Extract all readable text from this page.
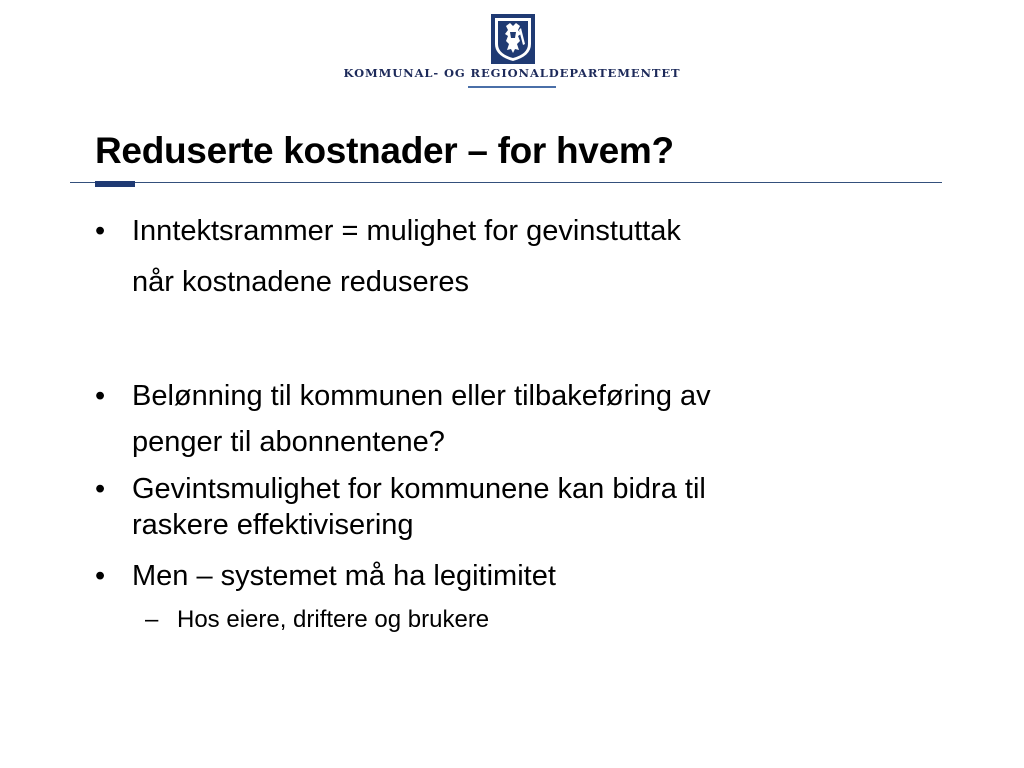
KOMMUNAL- OG REGIONALDEPARTEMENTET
Reduserte kostnader – for hvem?
• Inntektsrammer = mulighet for gevinstuttak
når kostnadene reduseres
• Belønning til kommunen eller tilbakeføring av
penger til abonnentene?
• Gevintsmulighet for kommunene kan bidra til
raskere effektivisering
• Men – systemet må ha legitimitet
– Hos eiere, driftere og brukere
